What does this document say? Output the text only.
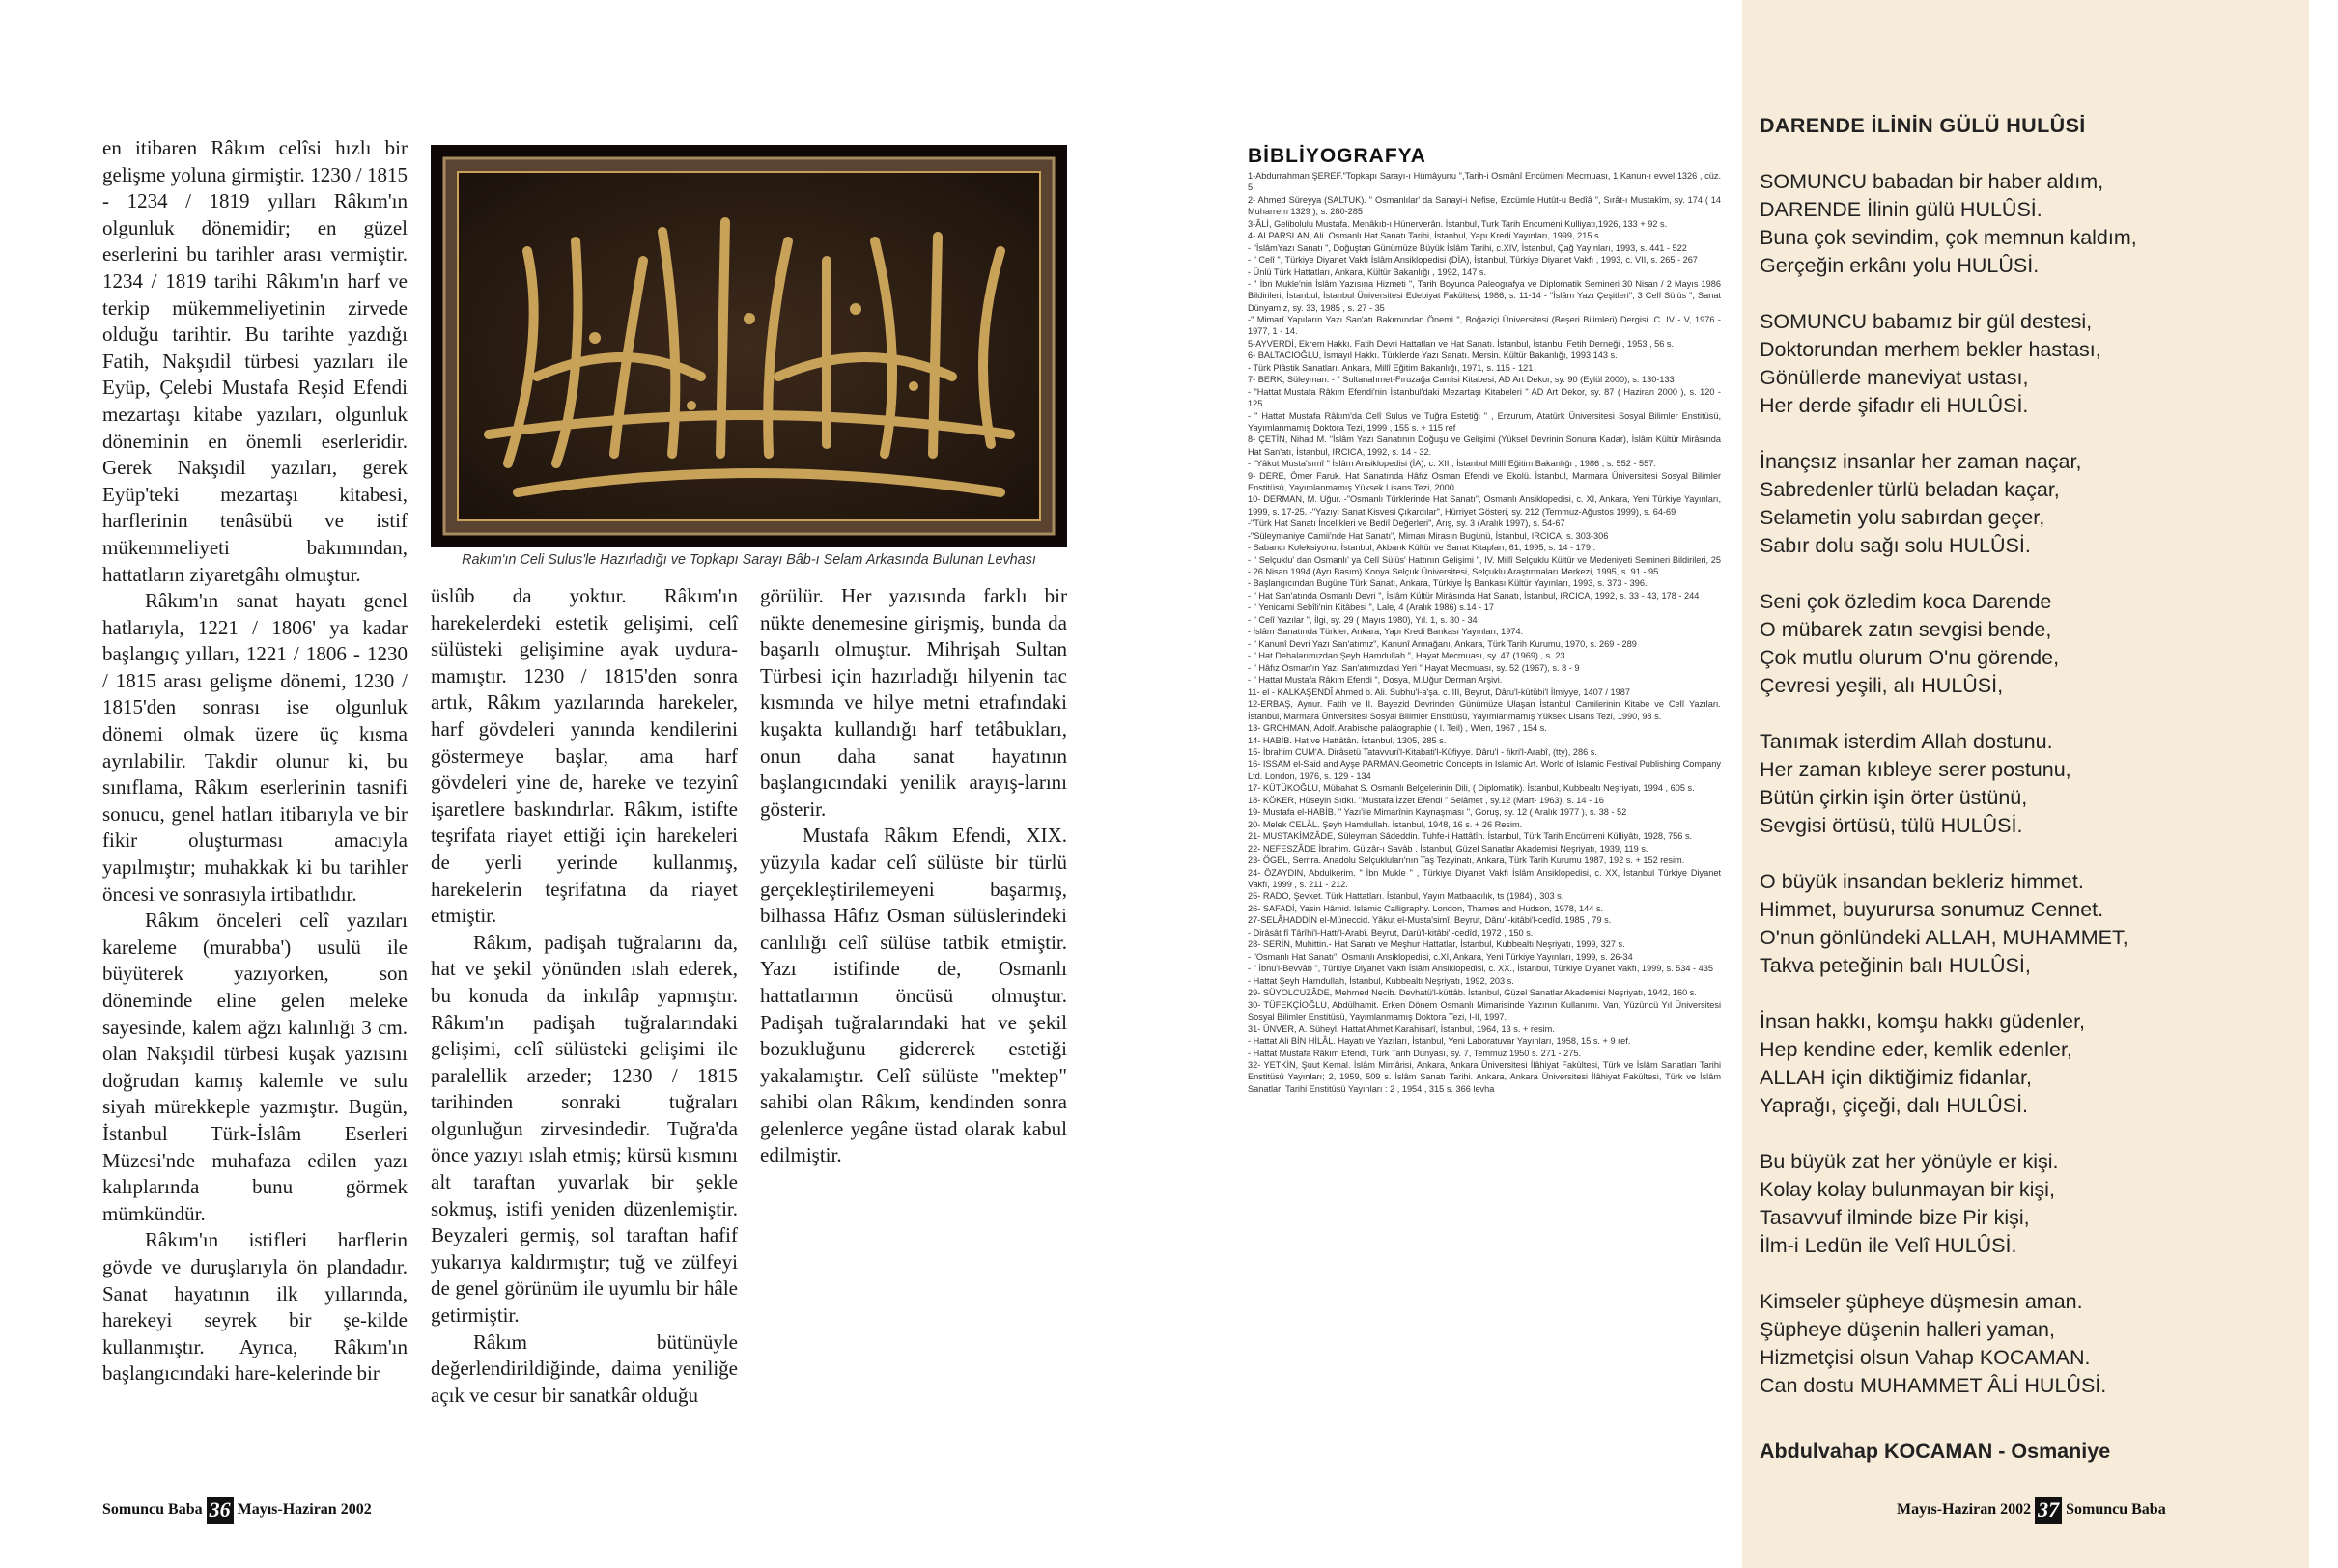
en itibaren Râkım celîsi hızlı bir gelişme yoluna girmiştir. 1230 / 1815 - 1234 / 1819 yılları Râkım'ın olgunluk dönemidir; en güzel eserlerini bu tarihler arası vermiştir. 1234 / 1819 tarihi Râkım'ın harf ve terkip mükemmeliyetinin zirvede olduğu tarihtir. Bu tarihte yazdığı Fatih, Nakşıdil türbesi yazıları ile Eyüp, Çelebi Mustafa Reşid Efendi mezartaşı kitabe yazıları, olgunluk döneminin en önemli eserleridir. Gerek Nakşıdil yazıları, gerek Eyüp'teki mezartaşı kitabesi, harflerinin tenâsübü ve istif mükemmeliyeti bakımından, hattatların ziyaretgâhı olmuştur.

Râkım'ın sanat hayatı genel hatlarıyla, 1221 / 1806' ya kadar başlangıç yılları, 1221 / 1806 - 1230 / 1815 arası gelişme dönemi, 1230 / 1815'den sonrası ise olgunluk dönemi olmak üzere üç kısma ayrılabilir. Takdir olunur ki, bu sınıflama, Râkım eserlerinin tasnifi sonucu, genel hatları itibarıyla ve bir fikir oluşturması amacıyla yapılmıştır; muhakkak ki bu tarihler öncesi ve sonrasıyla irtibatlıdır.

Râkım önceleri celî yazıları kareleme (murabba') usulü ile büyüterek yazıyorken, son döneminde eline gelen meleke sayesinde, kalem ağzı kalınlığı 3 cm. olan Nakşıdil türbesi kuşak yazısını doğrudan kamış kalemle ve sulu siyah mürekkeple yazmıştır. Bugün, İstanbul Türk-İslâm Eserleri Müzesi'nde muhafaza edilen yazı kalıplarında bunu görmek mümkündür.

Râkım'ın istifleri harflerin gövde ve duruşlarıyla ön plandadır. Sanat hayatının ilk yıllarında, harekeyi seyrek bir şe-kilde kullanmıştır. Ayrıca, Râkım'ın başlangıcındaki hare-kelerinde bir

Rakım'ın Celi Sulus'le Hazırladığı ve Topkapı Sarayı Bâb-ı Selam Arkasında Bulunan Levhası

üslûb da yoktur. Râkım'ın harekelerdeki estetik gelişimi, celî sülüsteki gelişimine ayak uydura-mamıştır. 1230 / 1815'den sonra artık, Râkım yazılarında harekeler, harf gövdeleri yanında kendilerini göstermeye başlar, ama harf gövdeleri yine de, hareke ve tezyinî işaretlere baskındırlar. Râkım, istifte teşrifata riayet ettiği için harekeleri de yerli yerinde kullanmış, harekelerin teşrifatına da riayet etmiştir.

Râkım, padişah tuğralarını da, hat ve şekil yönünden ıslah ederek, bu konuda da inkılâp yapmıştır. Râkım'ın padişah tuğralarındaki gelişimi, celî sülüsteki gelişimi ile paralellik arzeder; 1230 / 1815 tarihinden sonraki tuğraları olgunluğun zirvesindedir. Tuğra'da önce yazıyı ıslah etmiş; kürsü kısmını alt taraftan yuvarlak bir şekle sokmuş, istifi yeniden düzenlemiştir. Beyzaleri germiş, sol taraftan hafif yukarıya kaldırmıştır; tuğ ve zülfeyi de genel görünüm ile uyumlu bir hâle getirmiştir.

Râkım bütünüyle değerlendirildiğinde, daima yeniliğe açık ve cesur bir sanatkâr olduğu

görülür. Her yazısında farklı bir nükte denemesine girişmiş, bunda da başarılı olmuştur. Mihrişah Sultan Türbesi için hazırladığı hilyenin tac kısmında ve hilye metni etrafındaki kuşakta kullandığı harf tetâbukları, onun daha sanat hayatının başlangıcındaki yenilik arayış-larını gösterir.

Mustafa Râkım Efendi, XIX. yüzyıla kadar celî sülüste bir türlü gerçekleştirilemeyeni başarmış, bilhassa Hâfız Osman sülüslerindeki canlılığı celî sülüse tatbik etmiştir. Yazı istifinde de, Osmanlı hattatlarının öncüsü olmuştur. Padişah tuğralarındaki hat ve şekil bozukluğunu gidererek estetiği yakalamıştır. Celî sülüste "mektep" sahibi olan Râkım, kendinden sonra gelenlerce yegâne üstad olarak kabul edilmiştir.

BİBLİYOGRAFYA

1-Abdurrahman ŞEREF."Topkapı Sarayı-ı Hümâyunu ",Tarih-i Osmânî Encümeni Mecmuası, 1 Kanun-ı evvel 1326 , cüz. 5.

2- Ahmed Süreyya (SALTUK). " Osmanlılar' da Sanayi-i Nefise, Ezcümle Hutût-u Bedîâ ", Sırât-ı Mustakîm, sy. 174 ( 14 Muharrem 1329 ), s. 280-285

3-ÂLİ, Gelibolulu Mustafa. Menâkıb-ı Hünerverân. İstanbul, Turk Tarih Encumeni Kulliyatı,1926, 133 + 92 s.

4- ALPARSLAN, Ali. Osmanlı Hat Sanatı Tarihi, İstanbul, Yapı Kredi Yayınları, 1999, 215 s.

- "İslâmYazı Sanatı ", Doğuştan Günümüze Büyük İslâm Tarihi, c.XIV, İstanbul, Çağ Yayınları, 1993, s. 441 - 522

- " Celî ", Türkiye Diyanet Vakfı İslâm Ansiklopedisi (DİA), İstanbul, Türkiye Diyanet Vakfı , 1993, c. VII, s. 265 - 267

- Ünlü Türk Hattatları, Ankara, Kültür Bakanlığı , 1992, 147 s.

- " İbn Mukle'nin İslâm Yazısına Hizmeti ", Tarih Boyunca Paleografya ve Diplomatik Semineri 30 Nisan / 2 Mayıs 1986 Bildirileri, İstanbul, İstanbul Üniversitesi Edebiyat Fakültesi, 1986, s. 11-14 - "İslâm Yazı Çeşitleri", 3 Celî Sülüs ", Sanat Dünyamız, sy. 33, 1985 , s. 27 - 35

-" Mimarî Yapıların Yazı San'atı Bakımından Önemi ", Boğaziçi Üniversitesi (Beşeri Bilimleri) Dergisi. C. IV - V, 1976 - 1977, 1 - 14.

5-AYVERDİ, Ekrem Hakkı. Fatih Devri Hattatları ve Hat Sanatı. İstanbul, İstanbul Fetih Derneği , 1953 , 56 s.

6- BALTACIOĞLU, İsmayıl Hakkı. Türklerde Yazı Sanatı. Mersin. Kültür Bakanlığı, 1993 143 s.

- Türk Plâstik Sanatları. Ankara, Millî Eğitim Bakanlığı, 1971, s. 115 - 121

7- BERK, Süleyman. - " Sultanahmet-Fıruzağa Camisi Kitabesi, AD Art Dekor, sy. 90 (Eylül 2000), s. 130-133

- "Hattat Mustafa Râkım Efendi'nin İstanbul'daki Mezartaşı Kitabeleri " AD Art Dekor, sy. 87 ( Haziran 2000 ), s. 120 - 125.

- " Hattat Mustafa Râkım'da Celî Sulus ve Tuğra Estetiği " , Erzurum, Atatürk Üniversitesi Sosyal Bilimler Enstitüsü, Yayımlanmamış Doktora Tezi, 1999 , 155 s. + 115 ref

8- ÇETİN, Nihad M. "İslâm Yazı Sanatının Doğuşu ve Gelişimi (Yüksel Devrinin Sonuna Kadar), İslâm Kültür Mirâsında Hat San'atı, İstanbul, IRCICA, 1992, s. 14 - 32.

- "Yâkut Musta'sımî " İslâm Ansiklopedisi (İA), c. XII , İstanbul Millî Eğitim Bakanlığı , 1986 , s. 552 - 557.

9- DERE, Ömer Faruk. Hat Sanatında Hâfız Osman Efendi ve Ekolü. İstanbul, Marmara Üniversitesi Sosyal Bilimler Enstitüsü, Yayımlanmamış Yüksek Lisans Tezi, 2000.

10- DERMAN, M. Uğur. -"Osmanlı Türklerinde Hat Sanatı", Osmanlı Ansiklopedisi, c. XI, Ankara, Yeni Türkiye Yayınları, 1999, s. 17-25. -"Yazıyı Sanat Kisvesi Çıkardılar", Hürriyet Gösteri, sy. 212 (Temmuz-Ağustos 1999), s. 64-69

-"Türk Hat Sanatı İncelikleri ve Bediî Değerleri", Arış, sy. 3 (Aralık 1997), s. 54-67

-"Süleymaniye Camii'nde Hat Sanatı", Mimarı Mirasın Bugünü, İstanbul, IRCICA, s. 303-306

- Sabancı Koleksiyonu. İstanbul, Akbank Kültür ve Sanat Kitapları; 61, 1995, s. 14 - 179 .

- " Selçuklu' dan Osmanlı' ya Celî Sülüs' Hattının Gelişimi ", IV. Millî Selçuklu Kültür ve Medeniyeti Semineri Bildirileri, 25 - 26 Nisan 1994 (Ayrı Basım) Konya Selçuk Üniversitesi, Selçuklu Araştırmaları Merkezi, 1995, s. 91 - 95

- Başlangıcından Bugüne Türk Sanatı, Ankara, Türkiye İş Bankası Kültür Yayınları, 1993, s. 373 - 396.

- " Hat San'atında Osmanlı Devri ", İslâm Kültür Mirâsında Hat Sanatı, İstanbul, IRCICA, 1992, s. 33 - 43, 178 - 244

- " Yenicami Sebîli'nin Kitâbesi ", Lale, 4 (Aralık 1986) s.14 - 17

- " Celî Yazılar ", İlgi, sy. 29 ( Mayıs 1980), Yıl. 1, s. 30 - 34

- İslâm Sanatında Türkler, Ankara, Yapı Kredi Bankası Yayınları, 1974.

- " Kanunî Devri Yazı San'atımız", Kanunî Armağanı, Ankara, Türk Tarih Kurumu, 1970, s. 269 - 289

- " Hat Dehalarımızdan Şeyh Hamdullah ", Hayat Mecmuası, sy. 47 (1969) , s. 23

- " Hâfız Osman'ın Yazı San'atımızdaki Yeri " Hayat Mecmuası, sy. 52 (1967), s. 8 - 9

- " Hattat Mustafa Râkım Efendi ", Dosya, M.Uğur Derman Arşivi.

11- el - KALKAŞENDÎ Ahmed b. Ali. Subhu'l-a'şa. c. III, Beyrut, Dâru'l-kütübi'l İlmiyye, 1407 / 1987

12-ERBAŞ, Aynur. Fatih ve II. Bayezid Devrinden Günümüze Ulaşan İstanbul Camilerinin Kitabe ve Celî Yazıları. İstanbul, Marmara Üniversitesi Sosyal Bilimler Enstitüsü, Yayımlanmamış Yüksek Lisans Tezi, 1990, 98 s.

13- GROHMAN, Adolf. Arabische paläographie ( I. Teil) , Wien, 1967 , 154 s.

14- HABİB. Hat ve Hattâtân. İstanbul, 1305, 285 s.

15- İbrahim CUM'A. Dirâsetü Tatavvuri'l-Kitabati'l-Kûfiyye. Dâru'l - fikri'l-Arabî, (tty), 286 s.

16- ISSAM el-Said and Ayşe PARMAN.Geometric Concepts in Islamic Art. World of Islamic Festival Publishing Company Ltd. London, 1976, s. 129 - 134

17- KÜTÜKOĞLU, Mübahat S. Osmanlı Belgelerinin Dili, ( Diplomatik). İstanbul, Kubbealtı Neşriyatı, 1994 , 605 s.

18- KÖKER, Hüseyin Sıdkı. "Mustafa İzzet Efendi " Selâmet , sy.12 (Mart- 1963), s. 14 - 16

19- Mustafa el-HABİB. " Yazı'ile Mimarînin Kaynaşması ", Goruş, sy. 12 ( Aralık 1977 ), s. 38 - 52

20- Melek CELÂL. Şeyh Hamdullah. İstanbul, 1948, 16 s. + 26 Resim.

21- MUSTAKİMZÂDE, Süleyman Sâdeddin. Tuhfe-i Hattâtîn. İstanbul, Türk Tarih Encümeni Külliyâtı, 1928, 756 s.

22- NEFESZÂDE İbrahim. Gülzâr-ı Savâb . İstanbul, Güzel Sanatlar Akademisi Neşriyatı, 1939, 119 s.

23- ÖGEL, Semra. Anadolu Selçukluları'nın Taş Tezyinatı, Ankara, Türk Tarih Kurumu 1987, 192 s. + 152 resim.

24- ÖZAYDIN, Abdulkerim. " İbn Mukle " , Türkiye Diyanet Vakfı İslâm Ansiklopedisi, c. XX, İstanbul Türkiye Diyanet Vakfı, 1999 , s. 211 - 212.

25- RADO, Şevket. Türk Hattatları. İstanbul, Yayın Matbaacılık, ts (1984) , 303 s.

26- SAFADİ, Yasin Hâmid. Islamic Calligraphy. London, Thames and Hudson, 1978, 144 s.

27-SELÂHADDİN el-Müneccid. Yâkut el-Musta'simî. Beyrut, Dâru'l-kitâbi'l-cedîd. 1985 , 79 s.

- Dirâsât fî Târîhi'l-Hatti'l-Arabî. Beyrut, Darü'l-kitâbi'l-cedîd, 1972 , 150 s.

28- SERİN, Muhittin.- Hat Sanatı ve Meşhur Hattatlar, İstanbul, Kubbealtı Neşriyatı, 1999, 327 s.

- "Osmanlı Hat Sanatı", Osmanlı Ansiklopedisi, c.XI, Ankara, Yeni Türkiye Yayınları, 1999, s. 26-34

- " İbnu'l-Bevvâb ", Türkiye Diyanet Vakfı İslâm Ansiklopedisi, c. XX., İstanbul, Türkiye Diyanet Vakfı, 1999, s. 534 - 435

- Hattat Şeyh Hamdullah, İstanbul, Kubbealtı Neşriyatı, 1992, 203 s.

29- SÜYOLCUZÂDE, Mehmed Necib. Devhatü'l-küttâb. İstanbul, Güzel Sanatlar Akademisi Neşriyatı, 1942, 160 s.

30- TÜFEKÇİOĞLU, Abdülhamit. Erken Dönem Osmanlı Mimarisinde Yazının Kullanımı. Van, Yüzüncü Yıl Üniversitesi Sosyal Bilimler Enstitüsü, Yayımlanmamış Doktora Tezi, I-II, 1997.

31- ÜNVER, A. Süheyl. Hattat Ahmet Karahisarî, İstanbul, 1964, 13 s. + resim.

- Hattat Ali BİN HİLÂL. Hayatı ve Yazıları, İstanbul, Yeni Laboratuvar Yayınları, 1958, 15 s. + 9 ref.

- Hattat Mustafa Râkım Efendi, Türk Tarih Dünyası, sy. 7, Temmuz 1950 s. 271 - 275.

32- YETKİN, Şuut Kemal. İslâm Mimârisi, Ankara, Ankara Üniversitesi İlâhiyat Fakültesi, Türk ve İslâm Sanatları Tarihi Enstitüsü Yayınları; 2, 1959, 509 s. İslâm Sanatı Tarihi. Ankara, Ankara Üniversitesi İlâhiyat Fakültesi, Türk ve İslâm Sanatları Tarihi Enstitüsü Yayınları : 2 , 1954 , 315 s. 366 levha

DARENDE İLİNİN GÜLÜ HULÛSİ
SOMUNCU babadan bir haber aldım,
DARENDE İlinin gülü HULÛSİ.
Buna çok sevindim, çok memnun kaldım,
Gerçeğin erkânı yolu HULÛSİ.
SOMUNCU babamız bir gül destesi,
Doktorundan merhem bekler hastası,
Gönüllerde maneviyat ustası,
Her derde şifadır eli HULÛSİ.
İnançsız insanlar her zaman naçar,
Sabredenler türlü beladan kaçar,
Selametin yolu sabırdan geçer,
Sabır dolu sağı solu HULÛSİ.
Seni çok özledim koca Darende
O mübarek zatın sevgisi bende,
Çok mutlu olurum O'nu görende,
Çevresi yeşili, alı HULÛSİ,
Tanımak isterdim Allah dostunu.
Her zaman kıbleye serer postunu,
Bütün çirkin işin örter üstünü,
Sevgisi örtüsü, tülü HULÛSİ.
O büyük insandan bekleriz himmet.
Himmet, buyurursa sonumuz Cennet.
O'nun gönlündeki ALLAH, MUHAMMET,
Takva peteğinin balı HULÛSİ,
İnsan hakkı, komşu hakkı güdenler,
Hep kendine eder, kemlik edenler,
ALLAH için diktiğimiz fidanlar,
Yaprağı, çiçeği, dalı HULÛSİ.
Bu büyük zat her yönüyle er kişi.
Kolay kolay bulunmayan bir kişi,
Tasavvuf ilminde bize Pir kişi,
İlm-i Ledün ile Velî HULÛSİ.
Kimseler şüpheye düşmesin aman.
Şüpheye düşenin halleri yaman,
Hizmetçisi olsun Vahap KOCAMAN.
Can dostu MUHAMMET ÂLİ HULÛSİ.
Abdulvahap KOCAMAN - Osmaniye
Somuncu Baba 36 Mayıs-Haziran 2002	Mayıs-Haziran 2002 37 Somuncu Baba
